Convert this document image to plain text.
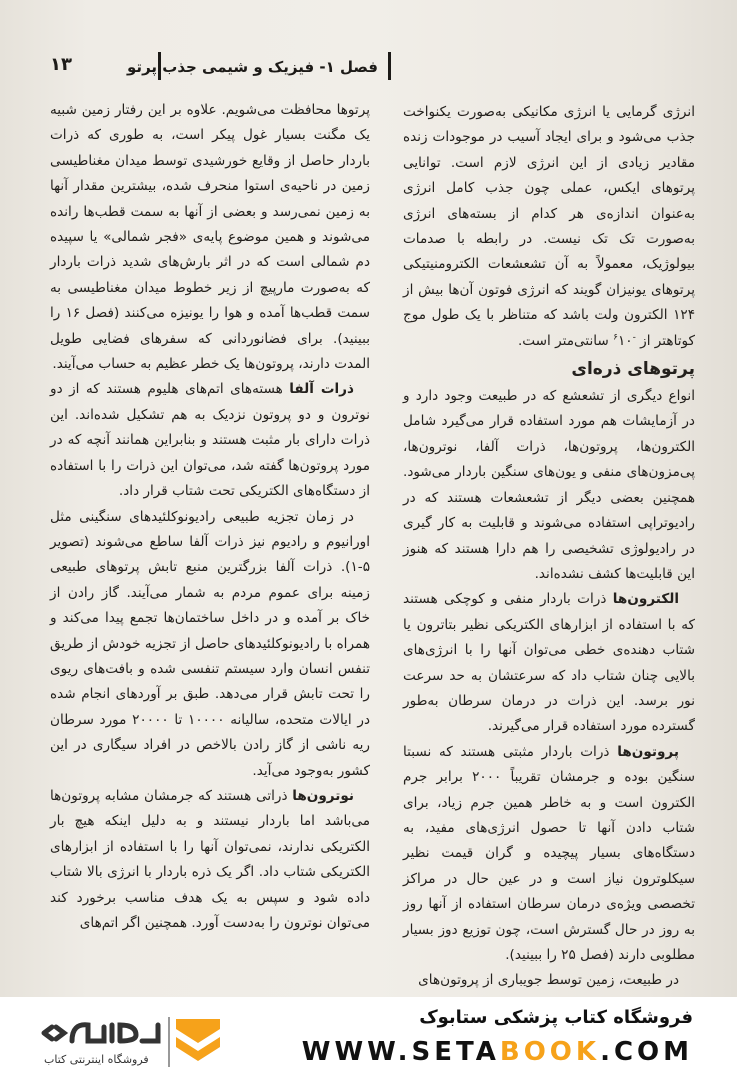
۱۳	فصل ۱- فیزیک و شیمی جذب پرتو

انرژی گرمایی یا انرژی مکانیکی به‌صورت یکنواخت جذب می‌شود و برای ایجاد آسیب در موجودات زنده مقادیر زیادی از این انرژی لازم است. توانایی پرتوهای ایکس، عملی چون جذب کامل انرژی به‌عنوان اندازه‌ی هر کدام از بسته‌های انرژی به‌صورت تک تک نیست. در رابطه با صدمات بیولوژیک، معمولاً به آن تشعشعات الکترومنیتیکی پرتوهای یونیزان گویند که انرژی فوتون آن‌ها بیش از ۱۲۴ الکترون ولت باشد که متناظر با یک طول موج کوتاهتر از $^{-۶}$۱۰ سانتی‌متر است.

پرتوهای ذره‌ای

انواع دیگری از تشعشع که در طبیعت وجود دارد و در آزمایشات هم مورد استفاده قرار می‌گیرد شامل الکترون‌ها، پروتون‌ها، ذرات آلفا، نوترون‌ها، پی‌مزون‌های منفی و یون‌های سنگین باردار می‌شود. همچنین بعضی دیگر از تشعشعات هستند که در رادیوتراپی استفاده می‌شوند و قابلیت به کار گیری در رادیولوژی تشخیصی را هم دارا هستند که هنوز این قابلیت‌ها کشف نشده‌اند.

الکترون‌ها ذرات باردار منفی و کوچکی هستند که با استفاده از ابزارهای الکتریکی نظیر بتاترون یا شتاب دهنده‌ی خطی می‌توان آنها را با انرژی‌های بالایی چنان شتاب داد که سرعتشان به حد سرعت نور برسد. این ذرات در درمان سرطان به‌طور گسترده مورد استفاده قرار می‌گیرند.

پروتون‌ها ذرات باردار مثبتی هستند که نسبتا سنگین بوده و جرمشان تقریباً ۲۰۰۰ برابر جرم الکترون است و به خاطر همین جرم زیاد، برای شتاب دادن آنها تا حصول انرژی‌های مفید، به دستگاه‌های بسیار پیچیده و گران قیمت نظیر سیکلوترون نیاز است و در عین حال در مراکز تخصصی ویژه‌ی درمان سرطان استفاده از آنها روز به روز در حال گسترش است، چون توزیع دوز بسیار مطلوبی دارند (فصل ۲۵ را ببینید).

در طبیعت، زمین توسط جویباری از پروتون‌های

پرتوها محافظت می‌شویم. علاوه بر این رفتار زمین شبیه یک مگنت بسیار غول پیکر است، به طوری که ذرات باردار حاصل از وقایع خورشیدی توسط میدان مغناطیسی زمین در ناحیه‌ی استوا منحرف شده، بیشترین مقدار آنها به زمین نمی‌رسد و بعضی از آنها به سمت قطب‌ها رانده می‌شوند و همین موضوع پایه‌ی «فجر شمالی» یا سپیده دم شمالی است که در اثر بارش‌های شدید ذرات باردار که به‌صورت مارپیچ از زیر خطوط میدان مغناطیسی به سمت قطب‌ها آمده و هوا را یونیزه می‌کنند (فصل ۱۶ را ببینید). برای فضانوردانی که سفرهای فضایی طویل المدت دارند، پروتون‌ها یک خطر عظیم به حساب می‌آیند.

ذرات آلفا هسته‌های اتم‌های هلیوم هستند که از دو نوترون و دو پروتون نزدیک به هم تشکیل شده‌اند. این ذرات دارای بار مثبت هستند و بنابراین همانند آنچه که در مورد پروتون‌ها گفته شد، می‌توان این ذرات را با استفاده از دستگاه‌های الکتریکی تحت شتاب قرار داد.

در زمان تجزیه طبیعی رادیونوکلئیدهای سنگینی مثل اورانیوم و رادیوم نیز ذرات آلفا ساطع می‌شوند (تصویر ۵-۱). ذرات آلفا بزرگترین منبع تابش پرتوهای طبیعی زمینه برای عموم مردم به شمار می‌آیند. گاز رادن از خاک بر آمده و در داخل ساختمان‌ها تجمع پیدا می‌کند و همراه با رادیونوکلئیدهای حاصل از تجزیه خودش از طریق تنفس انسان وارد سیستم تنفسی شده و بافت‌های ریوی را تحت تابش قرار می‌دهد. طبق بر آوردهای انجام شده در ایالات متحده، سالیانه ۱۰۰۰۰ تا ۲۰۰۰۰ مورد سرطان ریه ناشی از گاز رادن بالاخص در افراد سیگاری در این کشور به‌وجود می‌آید.

نوترون‌ها ذراتی هستند که جرمشان مشابه پروتون‌ها می‌باشد اما باردار نیستند و به دلیل اینکه هیچ بار الکتریکی ندارند، نمی‌توان آنها را با استفاده از ابزارهای الکتریکی شتاب داد. اگر یک ذره باردار با انرژی بالا شتاب داده شود و سپس به یک هدف مناسب برخورد کند می‌توان نوترون را به‌دست آورد. همچنین اگر اتم‌های

فروشگاه اینترنتی کتاب
فروشگاه کتاب پزشکی ستابوک
WWW.SETABOOK.COM
